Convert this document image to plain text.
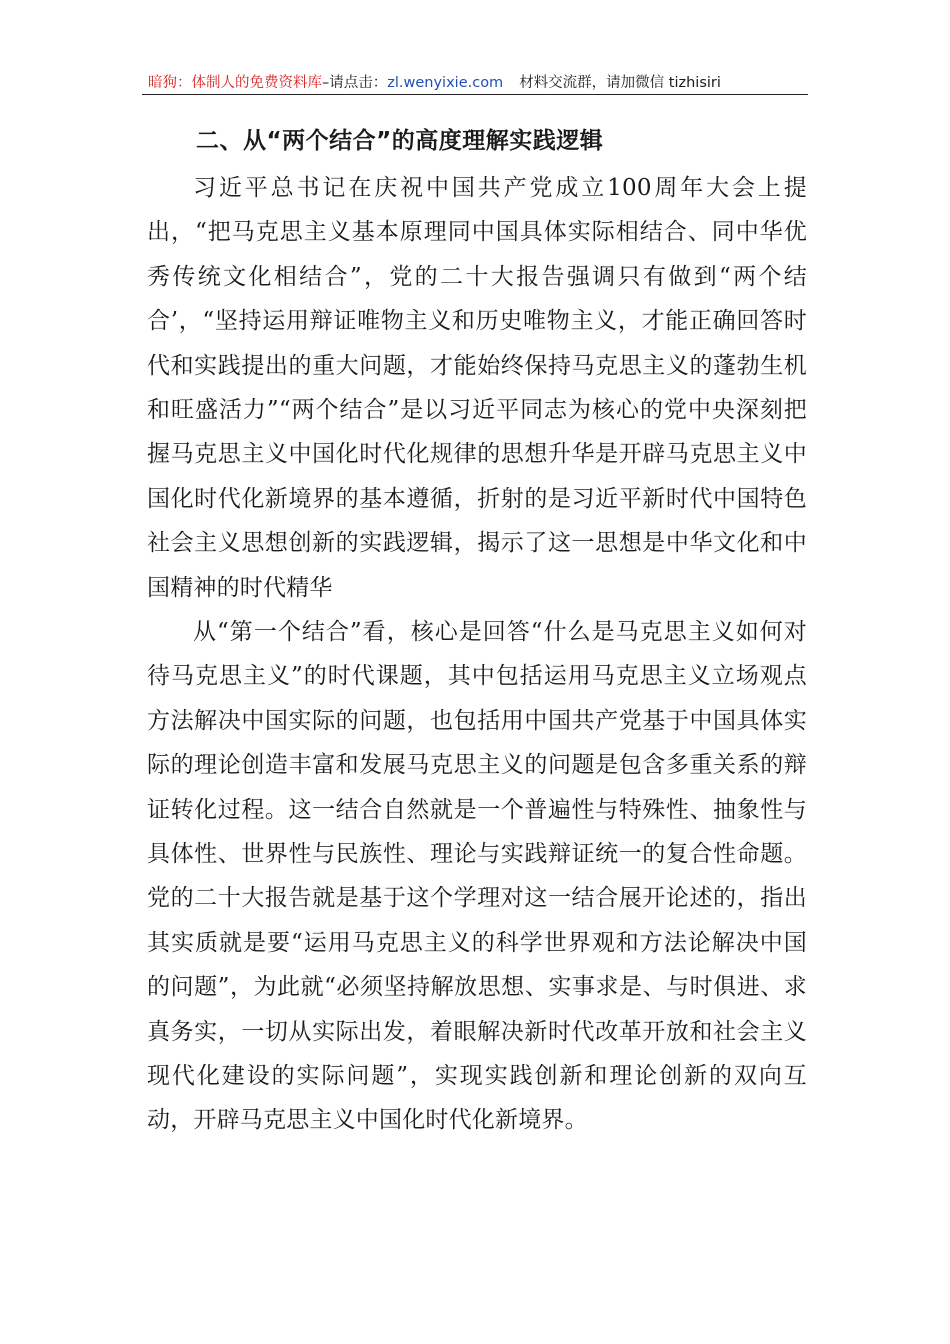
暗狗：体制人的免费资料库–请点击：zl.wenyixie.com 材料交流群，请加微信 tizhisiri
二、从“两个结合”的高度理解实践逻辑

习近平总书记在庆祝中国共产党成立100周年大会上提出，“把马克思主义基本原理同中国具体实际相结合、同中华优秀传统文化相结合”，党的二十大报告强调只有做到“两个结合’，“坚持运用辩证唯物主义和历史唯物主义，才能正确回答时代和实践提出的重大问题，才能始终保持马克思主义的蓬勃生机和旺盛活力”“两个结合”是以习近平同志为核心的党中央深刻把握马克思主义中国化时代化规律的思想升华是开辟马克思主义中国化时代化新境界的基本遵循，折射的是习近平新时代中国特色社会主义思想创新的实践逻辑，揭示了这一思想是中华文化和中国精神的时代精华

从“第一个结合”看，核心是回答“什么是马克思主义如何对待马克思主义”的时代课题，其中包括运用马克思主义立场观点方法解决中国实际的问题，也包括用中国共产党基于中国具体实际的理论创造丰富和发展马克思主义的问题是包含多重关系的辩证转化过程。这一结合自然就是一个普遍性与特殊性、抽象性与具体性、世界性与民族性、理论与实践辩证统一的复合性命题。党的二十大报告就是基于这个学理对这一结合展开论述的，指出其实质就是要“运用马克思主义的科学世界观和方法论解决中国的问题”，为此就“必须坚持解放思想、实事求是、与时俱进、求真务实，一切从实际出发，着眼解决新时代改革开放和社会主义现代化建设的实际问题”，实现实践创新和理论创新的双向互动，开辟马克思主义中国化时代化新境界。
